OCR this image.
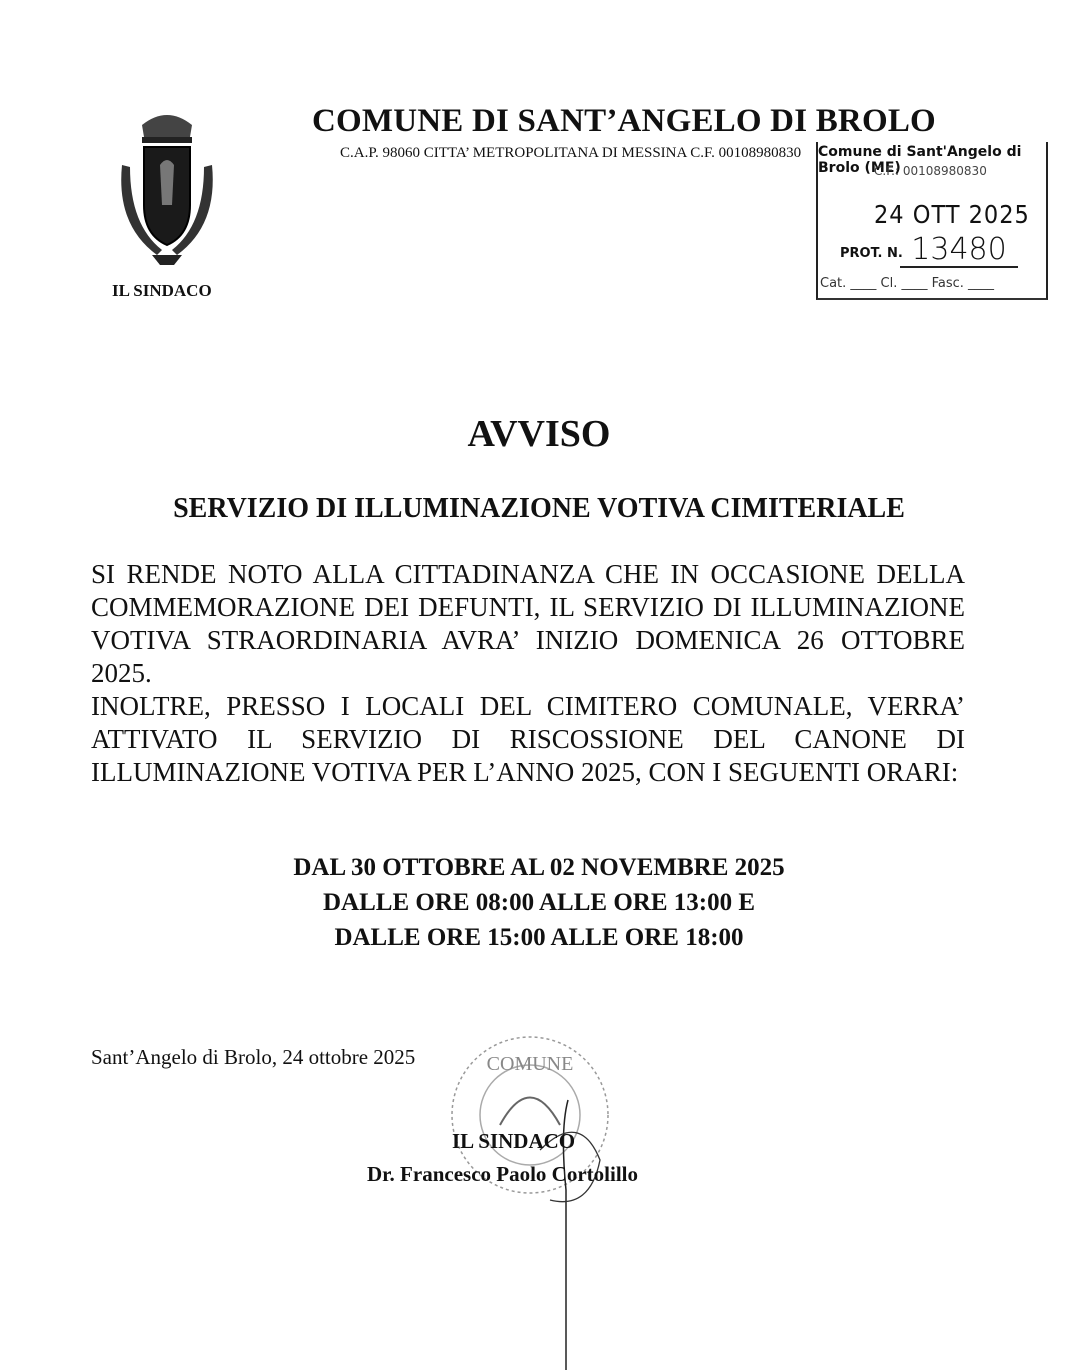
IL SINDACO
COMUNE DI SANT’ANGELO DI BROLO
C.A.P. 98060 CITTA’ METROPOLITANA DI MESSINA C.F. 00108980830 Comune di Sant'Angelo di Brolo (ME)
C.F.: 00108980830
24 OTT 2025
PROT. N. 13480
Cat. ____ Cl. ____ Fasc. ____
AVVISO
SERVIZIO DI ILLUMINAZIONE VOTIVA CIMITERIALE

SI RENDE NOTO ALLA CITTADINANZA CHE IN OCCASIONE DELLA COMMEMORAZIONE DEI DEFUNTI, IL SERVIZIO DI ILLUMINAZIONE VOTIVA STRAORDINARIA AVRA’ INIZIO DOMENICA 26 OTTOBRE 2025.

INOLTRE, PRESSO I LOCALI DEL CIMITERO COMUNALE, VERRA’ ATTIVATO IL SERVIZIO DI RISCOSSIONE DEL CANONE DI ILLUMINAZIONE VOTIVA PER L’ANNO 2025, CON I SEGUENTI ORARI:

DAL 30 OTTOBRE AL 02 NOVEMBRE 2025
DALLE ORE 08:00 ALLE ORE 13:00 E
DALLE ORE 15:00 ALLE ORE 18:00
Sant’Angelo di Brolo, 24 ottobre 2025	COMUNE
IL SINDACO
Dr. Francesco Paolo Cortolillo
